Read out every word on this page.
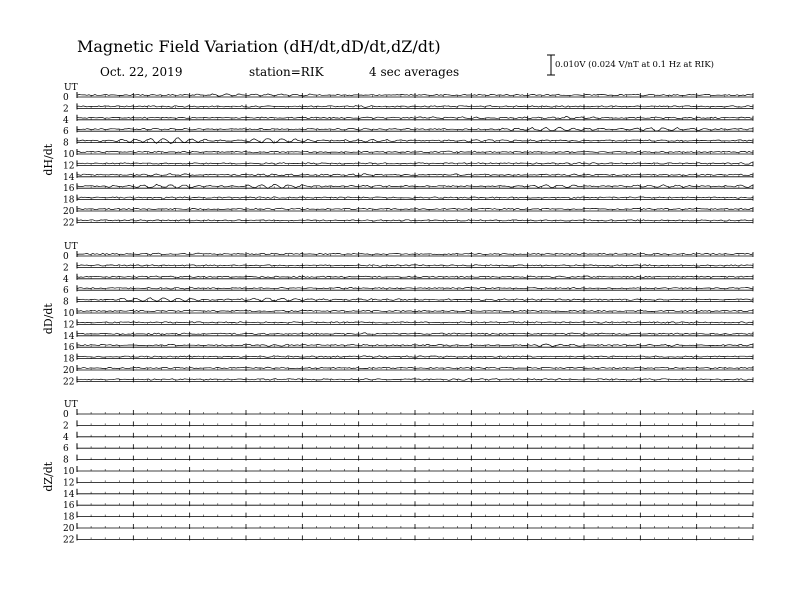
Magnetic Field Variation (dH/dt,dD/dt,dZ/dt)
Oct. 22, 2019	station=RIK	4 sec averages	0.010V (0.024 V/nT at 0.1 Hz at RIK)
UT
dH/dt
0
2
4
6
8
10
12
14
16
18
20
22
UT
dD/dt
0
2
4
6
8
10
12
14
16
18
20
22
UT
dZ/dt
0
2
4
6
8
10
12
14
16
18
20
22
